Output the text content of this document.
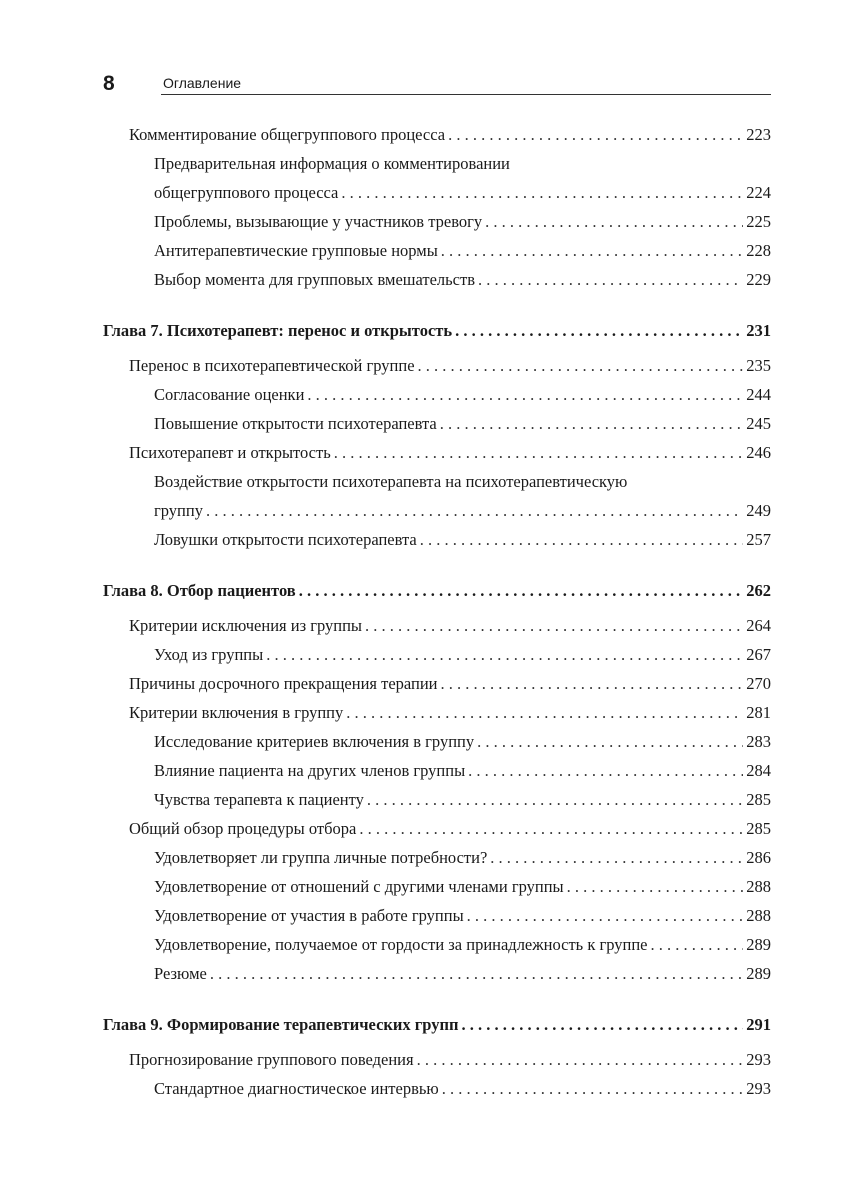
8	Оглавление
Комментирование общегруппового процесса . . .	223
Предварительная информация о комментировании
общегруппового процесса . . .	224
Проблемы, вызывающие у участников тревогу . . .	225
Антитерапевтические групповые нормы . . .	228
Выбор момента для групповых вмешательств . . .	229
Глава 7. Психотерапевт: перенос и открытость . . .	231
Перенос в психотерапевтической группе . . .	235
Согласование оценки . . .	244
Повышение открытости психотерапевта . . .	245
Психотерапевт и открытость . . .	246
Воздействие открытости психотерапевта на психотерапевтическую
группу . . .	249
Ловушки открытости психотерапевта . . .	257
Глава 8. Отбор пациентов . . .	262
Критерии исключения из группы . . .	264
Уход из группы . . .	267
Причины досрочного прекращения терапии . . .	270
Критерии включения в группу . . .	281
Исследование критериев включения в группу . . .	283
Влияние пациента на других членов группы . . .	284
Чувства терапевта к пациенту . . .	285
Общий обзор процедуры отбора . . .	285
Удовлетворяет ли группа личные потребности? . . .	286
Удовлетворение от отношений с другими членами группы . . .	288
Удовлетворение от участия в работе группы . . .	288
Удовлетворение, получаемое от гордости за принадлежность к группе . . .	289
Резюме . . .	289
Глава 9. Формирование терапевтических групп . . .	291
Прогнозирование группового поведения . . .	293
Стандартное диагностическое интервью . . .	293
